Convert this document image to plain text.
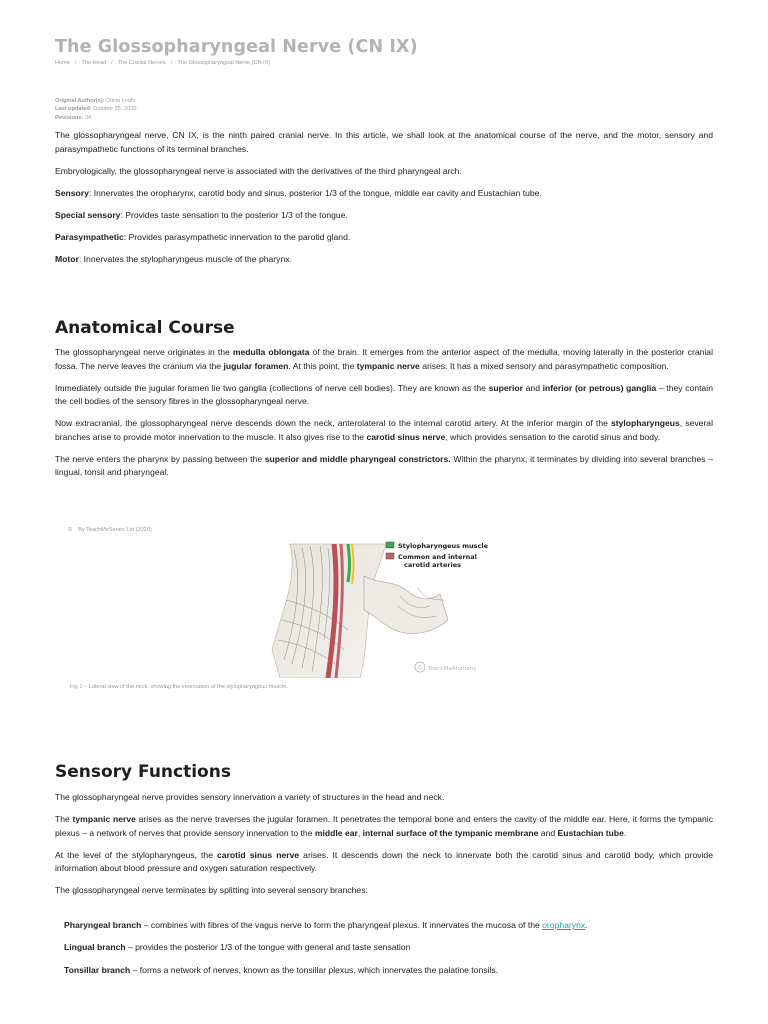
The Glossopharyngeal Nerve (CN IX)
Home / The Head / The Cranial Nerves / The Glossopharyngeal Nerve (CN IX)
Original Author(s): Olivia Leafe
Last updated: October 25, 2020
Revisions: 34

The glossopharyngeal nerve, CN IX, is the ninth paired cranial nerve. In this article, we shall look at the anatomical course of the nerve, and the motor, sensory and parasympathetic functions of its terminal branches.

Embryologically, the glossopharyngeal nerve is associated with the derivatives of the third pharyngeal arch.

Sensory: Innervates the oropharynx, carotid body and sinus, posterior 1/3 of the tongue, middle ear cavity and Eustachian tube.

Special sensory: Provides taste sensation to the posterior 1/3 of the tongue.

Parasympathetic: Provides parasympathetic innervation to the parotid gland.

Motor: Innervates the stylopharyngeus muscle of the pharynx.

Anatomical Course

The glossopharyngeal nerve originates in the medulla oblongata of the brain. It emerges from the anterior aspect of the medulla, moving laterally in the posterior cranial fossa. The nerve leaves the cranium via the jugular foramen. At this point, the tympanic nerve arises. It has a mixed sensory and parasympathetic composition.

Immediately outside the jugular foramen lie two ganglia (collections of nerve cell bodies). They are known as the superior and inferior (or petrous) ganglia – they contain the cell bodies of the sensory fibres in the glossopharyngeal nerve.

Now extracranial, the glossopharyngeal nerve descends down the neck, anterolateral to the internal carotid artery. At the inferior margin of the stylopharyngeus, several branches arise to provide motor innervation to the muscle. It also gives rise to the carotid sinus nerve, which provides sensation to the carotid sinus and body.

The nerve enters the pharynx by passing between the superior and middle pharyngeal constrictors. Within the pharynx, it terminates by dividing into several branches – lingual, tonsil and pharyngeal.

© By TeachMeSeries Ltd (2020)
Stylopharyngeus muscle
Common and internal
carotid arteries
© TeachMeAnatomy
Fig 1 – Lateral view of the neck, showing the innervation of the stylopharyngeus muscle.
Sensory Functions

The glossopharyngeal nerve provides sensory innervation a variety of structures in the head and neck.

The tympanic nerve arises as the nerve traverses the jugular foramen. It penetrates the temporal bone and enters the cavity of the middle ear. Here, it forms the tympanic plexus – a network of nerves that provide sensory innervation to the middle ear, internal surface of the tympanic membrane and Eustachian tube.

At the level of the stylopharyngeus, the carotid sinus nerve arises. It descends down the neck to innervate both the carotid sinus and carotid body, which provide information about blood pressure and oxygen saturation respectively.

The glossopharyngeal nerve terminates by splitting into several sensory branches:

Pharyngeal branch – combines with fibres of the vagus nerve to form the pharyngeal plexus. It innervates the mucosa of the oropharynx.

Lingual branch – provides the posterior 1/3 of the tongue with general and taste sensation

Tonsillar branch – forms a network of nerves, known as the tonsillar plexus, which innervates the palatine tonsils.
